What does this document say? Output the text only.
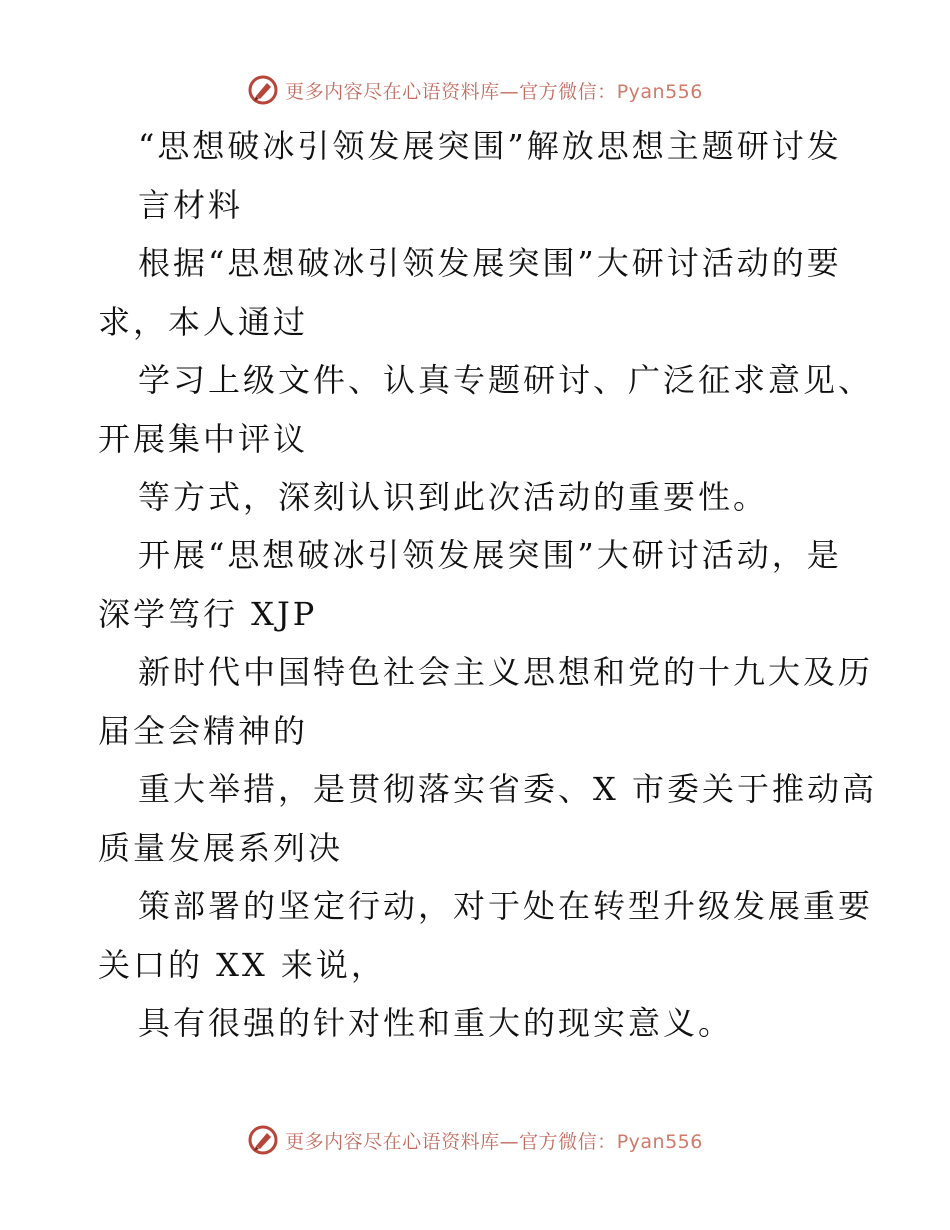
更多内容尽在心语资料库—官方微信：Pyan556
“思想破冰引领发展突围”解放思想主题研讨发
言材料
根据“思想破冰引领发展突围”大研讨活动的要
求，本人通过
学习上级文件、认真专题研讨、广泛征求意见、
开展集中评议
等方式，深刻认识到此次活动的重要性。
开展“思想破冰引领发展突围”大研讨活动，是
深学笃行 XJP
新时代中国特色社会主义思想和党的十九大及历
届全会精神的
重大举措，是贯彻落实省委、X 市委关于推动高
质量发展系列决
策部署的坚定行动，对于处在转型升级发展重要
关口的 XX 来说，
具有很强的针对性和重大的现实意义。
更多内容尽在心语资料库—官方微信：Pyan556
